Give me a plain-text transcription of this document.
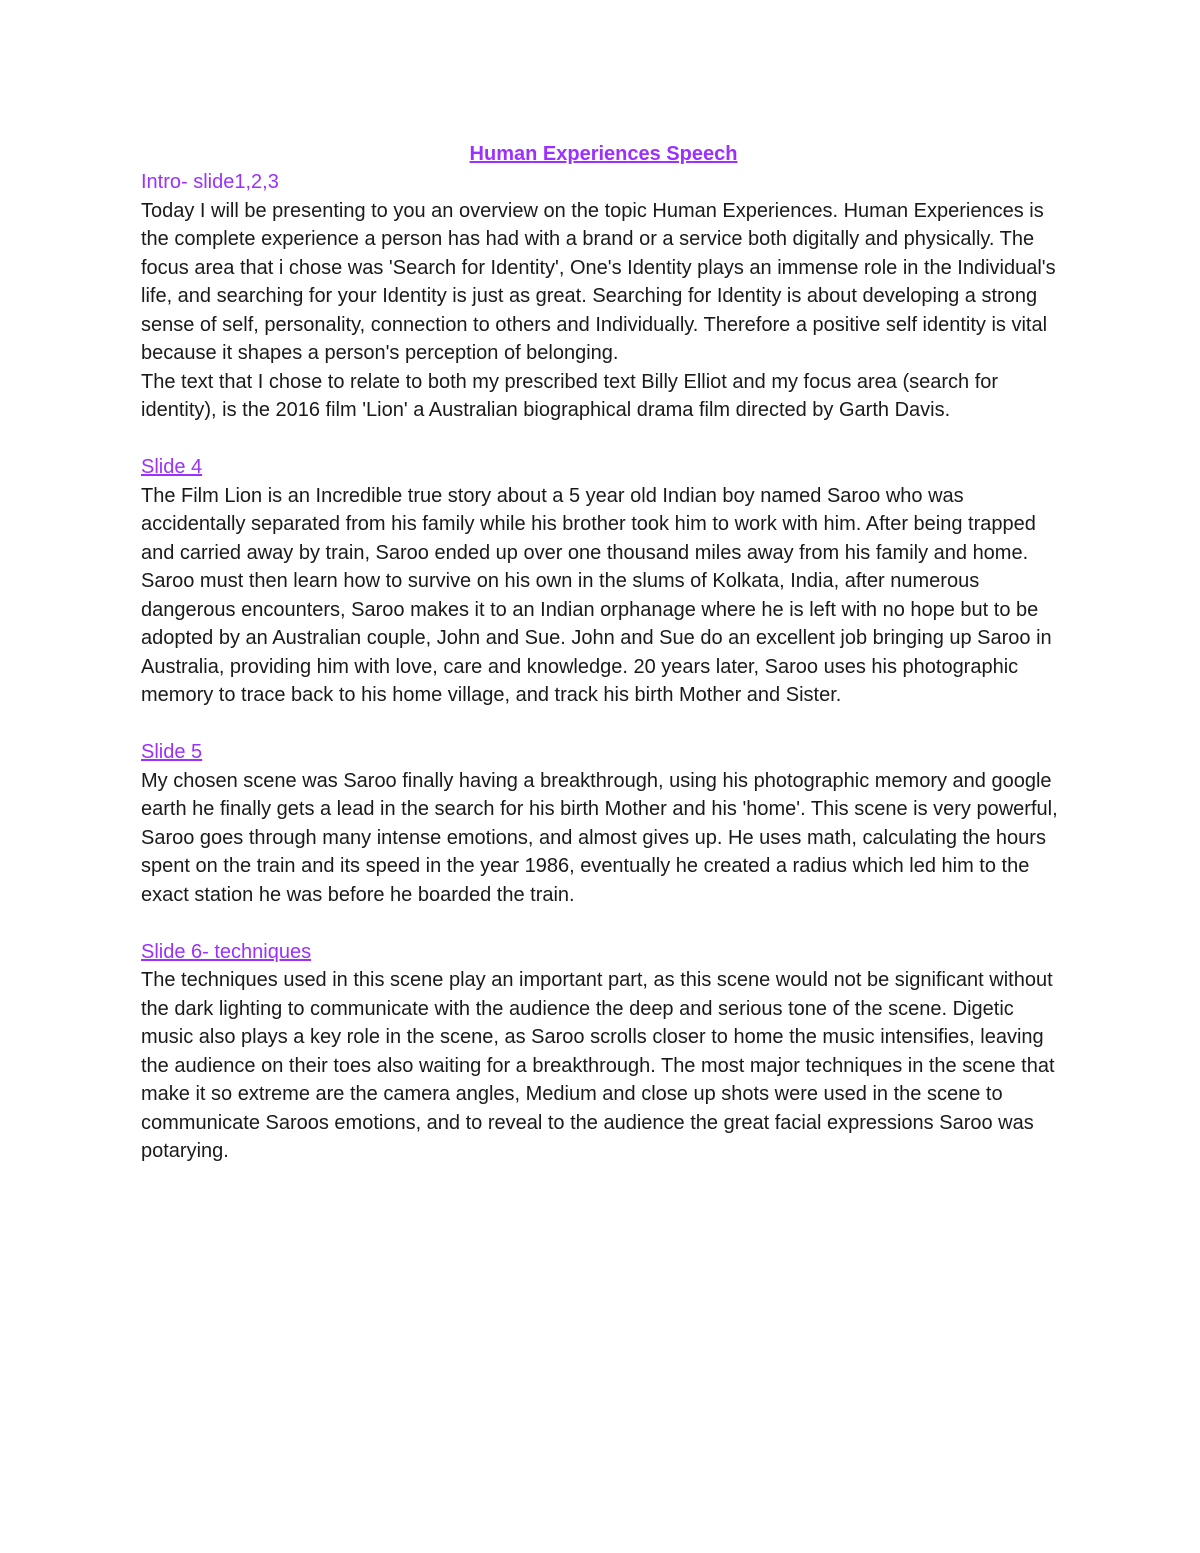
Human Experiences Speech

Intro- slide1,2,3

Today I will be presenting to you an overview on the topic Human Experiences. Human Experiences is the complete experience a person has had with a brand or a service both digitally and physically. The focus area that i chose was 'Search for Identity', One's Identity plays an immense role in the Individual's life, and searching for your Identity is just as great. Searching for Identity is about developing a strong sense of self, personality, connection to others and Individually. Therefore a positive self identity is vital because it shapes a person's perception of belonging.

The text that I chose to relate to both my prescribed text Billy Elliot and my focus area (search for identity), is the 2016 film 'Lion' a Australian biographical drama film directed by Garth Davis.

Slide 4

The Film Lion is an Incredible true story about a 5 year old Indian boy named Saroo who was accidentally separated from his family while his brother took him to work with him. After being trapped and carried away by train, Saroo ended up over one thousand miles away from his family and home. Saroo must then learn how to survive on his own in the slums of Kolkata, India, after numerous dangerous encounters, Saroo makes it to an Indian orphanage where he is left with no hope but to be adopted by an Australian couple, John and Sue. John and Sue do an excellent job bringing up Saroo in Australia, providing him with love, care and knowledge. 20 years later, Saroo uses his photographic memory to trace back to his home village, and track his birth Mother and Sister.

Slide 5

My chosen scene was Saroo finally having a breakthrough, using his photographic memory and google earth he finally gets a lead in the search for his birth Mother and his 'home'. This scene is very powerful, Saroo goes through many intense emotions, and almost gives up. He uses math, calculating the hours spent on the train and its speed in the year 1986, eventually he created a radius which led him to the exact station he was before he boarded the train.

Slide 6- techniques

The techniques used in this scene play an important part, as this scene would not be significant without the dark lighting to communicate with the audience the deep and serious tone of the scene. Digetic music also plays a key role in the scene, as Saroo scrolls closer to home the music intensifies, leaving the audience on their toes also waiting for a breakthrough. The most major techniques in the scene that make it so extreme are the camera angles, Medium and close up shots were used in the scene to communicate Saroos emotions, and to reveal to the audience the great facial expressions Saroo was potarying.
